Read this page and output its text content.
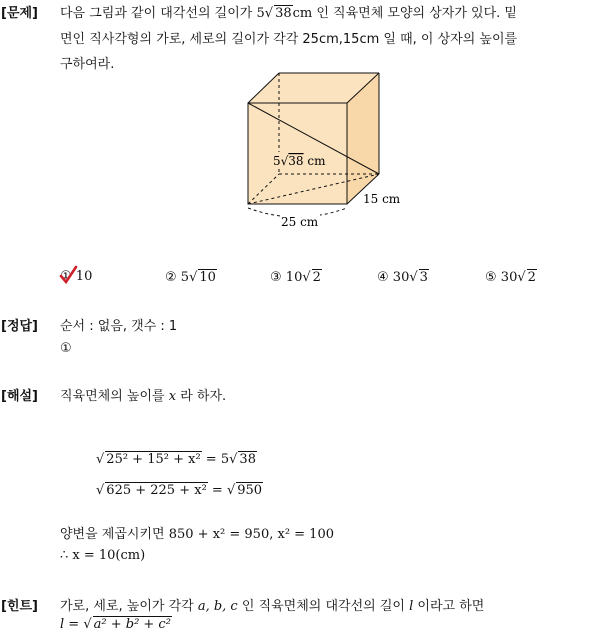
[문제] 다음 그림과 같이 대각선의 길이가 5√ 38cm 인 직육면체 모양의 상자가 있다. 밑
면인 직사각형의 가로, 세로의 길이가 각각 25cm,15cm 일 때, 이 상자의 높이를
구하여라.
5√38 cm
15 cm
25 cm
① 10	② 5√ 10	③ 10√ 2	④ 30√ 3	⑤ 30√ 2
[정답] 순서 : 없음, 갯수 : 1
①
[해설] 직육면체의 높이를 x 라 하자.
√ 25² + 15² + x² = 5√ 38
√ 625 + 225 + x² = √ 950
양변을 제곱시키면 850 + x² = 950, x² = 100
∴ x = 10(cm)
[힌트] 가로, 세로, 높이가 각각 a, b, c 인 직육면체의 대각선의 길이 l 이라고 하면
l = √ a² + b² + c²
